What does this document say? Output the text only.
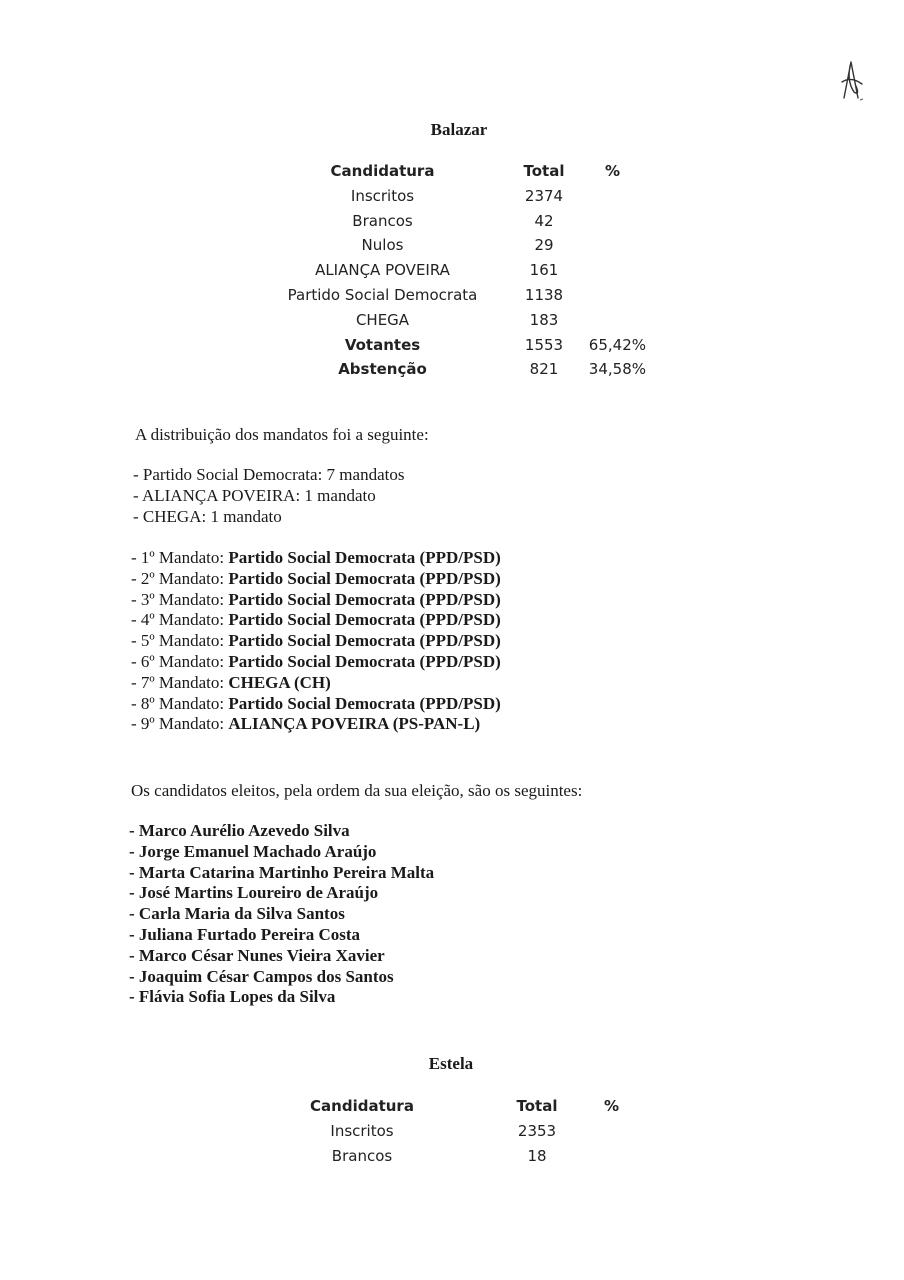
Balazar
Candidatura	Total	%
Inscritos	2374
Brancos	42
Nulos	29
ALIANÇA POVEIRA	161
Partido Social Democrata	1138
CHEGA	183
Votantes	1553	65,42%
Abstenção	821	34,58%
A distribuição dos mandatos foi a seguinte:
- Partido Social Democrata: 7 mandatos
- ALIANÇA POVEIRA: 1 mandato
- CHEGA: 1 mandato
- 1º Mandato: Partido Social Democrata (PPD/PSD)
- 2º Mandato: Partido Social Democrata (PPD/PSD)
- 3º Mandato: Partido Social Democrata (PPD/PSD)
- 4º Mandato: Partido Social Democrata (PPD/PSD)
- 5º Mandato: Partido Social Democrata (PPD/PSD)
- 6º Mandato: Partido Social Democrata (PPD/PSD)
- 7º Mandato: CHEGA (CH)
- 8º Mandato: Partido Social Democrata (PPD/PSD)
- 9º Mandato: ALIANÇA POVEIRA (PS-PAN-L)
Os candidatos eleitos, pela ordem da sua eleição, são os seguintes:
- Marco Aurélio Azevedo Silva
- Jorge Emanuel Machado Araújo
- Marta Catarina Martinho Pereira Malta
- José Martins Loureiro de Araújo
- Carla Maria da Silva Santos
- Juliana Furtado Pereira Costa
- Marco César Nunes Vieira Xavier
- Joaquim César Campos dos Santos
- Flávia Sofia Lopes da Silva
Estela
Candidatura	Total	%
Inscritos	2353
Brancos	18
